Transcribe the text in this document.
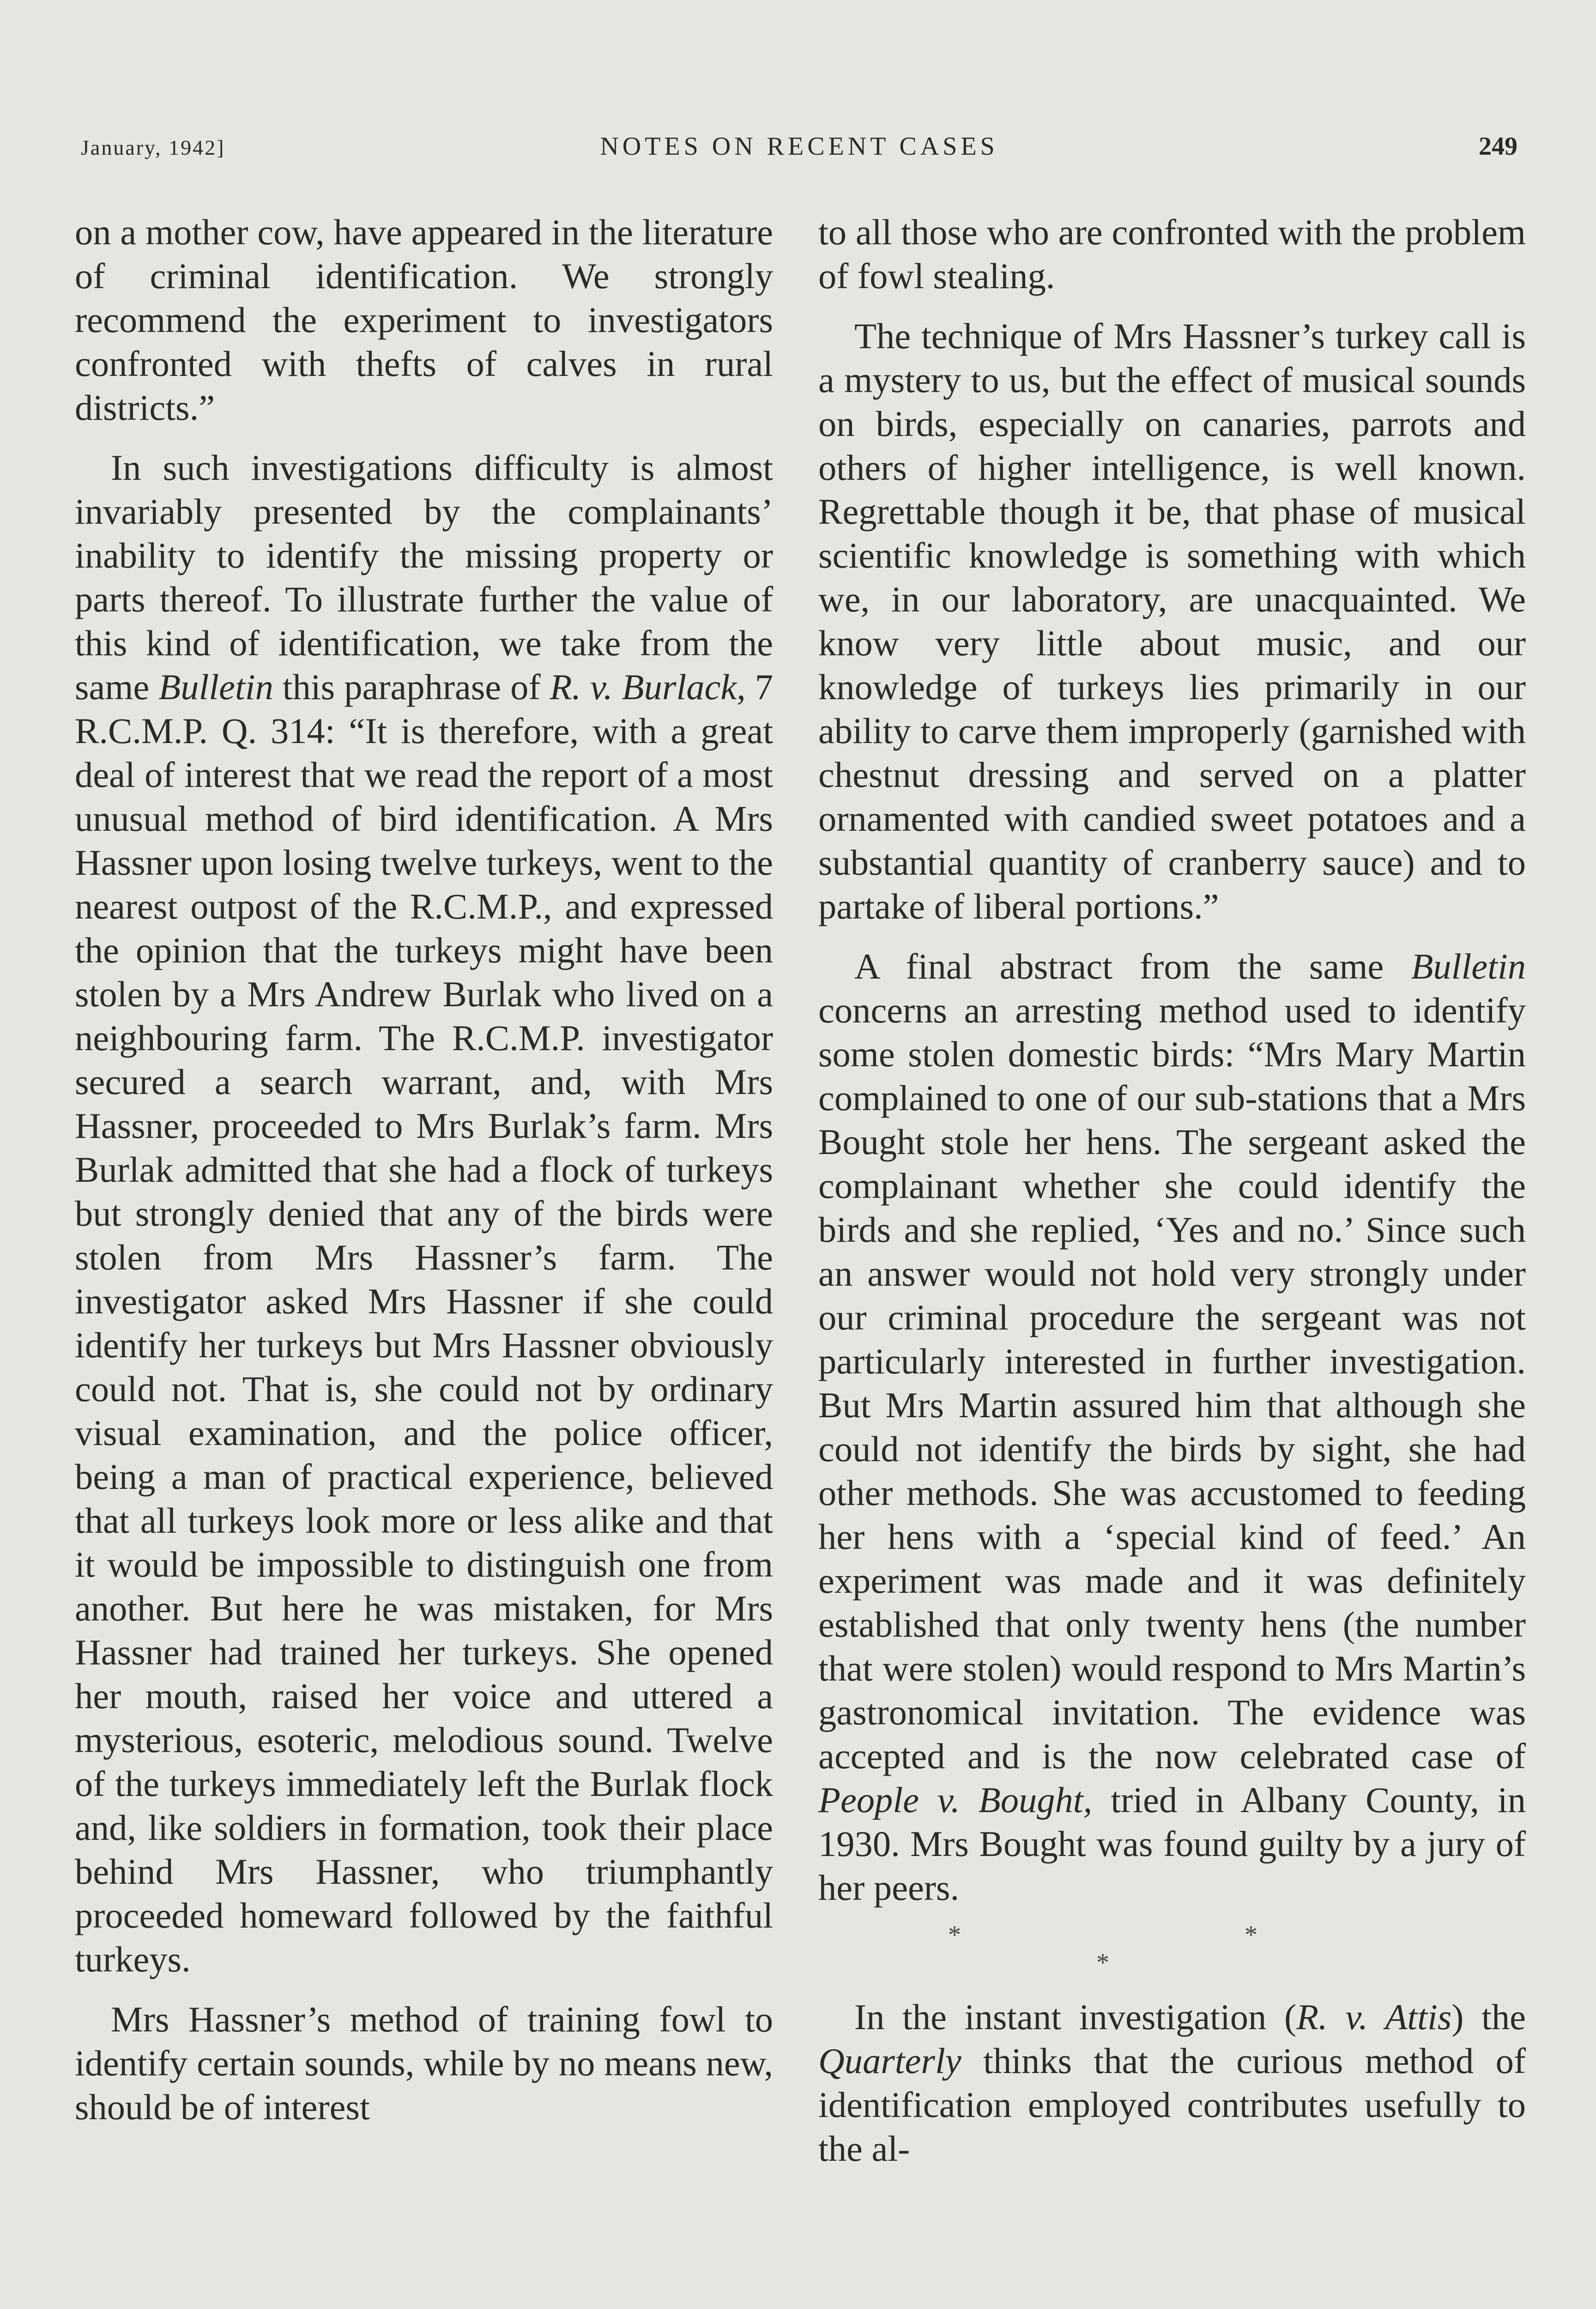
January, 1942]	NOTES ON RECENT CASES	249

on a mother cow, have appeared in the literature of criminal identification. We strongly recommend the experiment to investigators confronted with thefts of calves in rural districts.”

In such investigations difficulty is almost invariably presented by the complainants’ inability to identify the missing property or parts thereof. To illustrate further the value of this kind of identification, we take from the same Bulletin this paraphrase of R. v. Burlack, 7 R.C.M.P. Q. 314: “It is therefore, with a great deal of interest that we read the report of a most unusual method of bird identification. A Mrs Hassner upon losing twelve turkeys, went to the nearest outpost of the R.C.M.P., and expressed the opinion that the turkeys might have been stolen by a Mrs Andrew Burlak who lived on a neighbouring farm. The R.C.M.P. investigator secured a search warrant, and, with Mrs Hassner, proceeded to Mrs Burlak’s farm. Mrs Burlak admitted that she had a flock of turkeys but strongly denied that any of the birds were stolen from Mrs Hassner’s farm. The investigator asked Mrs Hassner if she could identify her turkeys but Mrs Hassner obviously could not. That is, she could not by ordinary visual examination, and the police officer, being a man of practical experience, believed that all turkeys look more or less alike and that it would be impossible to distinguish one from another. But here he was mistaken, for Mrs Hassner had trained her turkeys. She opened her mouth, raised her voice and uttered a mysterious, esoteric, melodious sound. Twelve of the turkeys immediately left the Burlak flock and, like soldiers in formation, took their place behind Mrs Hassner, who triumphantly proceeded homeward followed by the faithful turkeys.

Mrs Hassner’s method of training fowl to identify certain sounds, while by no means new, should be of interest

to all those who are confronted with the problem of fowl stealing.

The technique of Mrs Hassner’s turkey call is a mystery to us, but the effect of musical sounds on birds, especially on canaries, parrots and others of higher intelligence, is well known. Regrettable though it be, that phase of musical scientific knowledge is something with which we, in our laboratory, are unacquainted. We know very little about music, and our knowledge of turkeys lies primarily in our ability to carve them improperly (garnished with chestnut dressing and served on a platter ornamented with candied sweet potatoes and a substantial quantity of cranberry sauce) and to partake of liberal portions.”

A final abstract from the same Bulletin concerns an arresting method used to identify some stolen domestic birds: “Mrs Mary Martin complained to one of our sub-stations that a Mrs Bought stole her hens. The sergeant asked the complainant whether she could identify the birds and she replied, ‘Yes and no.’ Since such an answer would not hold very strongly under our criminal procedure the sergeant was not particularly interested in further investigation. But Mrs Martin assured him that although she could not identify the birds by sight, she had other methods. She was accustomed to feeding her hens with a ‘special kind of feed.’ An experiment was made and it was definitely established that only twenty hens (the number that were stolen) would respond to Mrs Martin’s gastronomical invitation. The evidence was accepted and is the now celebrated case of People v. Bought, tried in Albany County, in 1930. Mrs Bought was found guilty by a jury of her peers.

* * *

In the instant investigation (R. v. Attis) the Quarterly thinks that the curious method of identification employed contributes usefully to the al-
